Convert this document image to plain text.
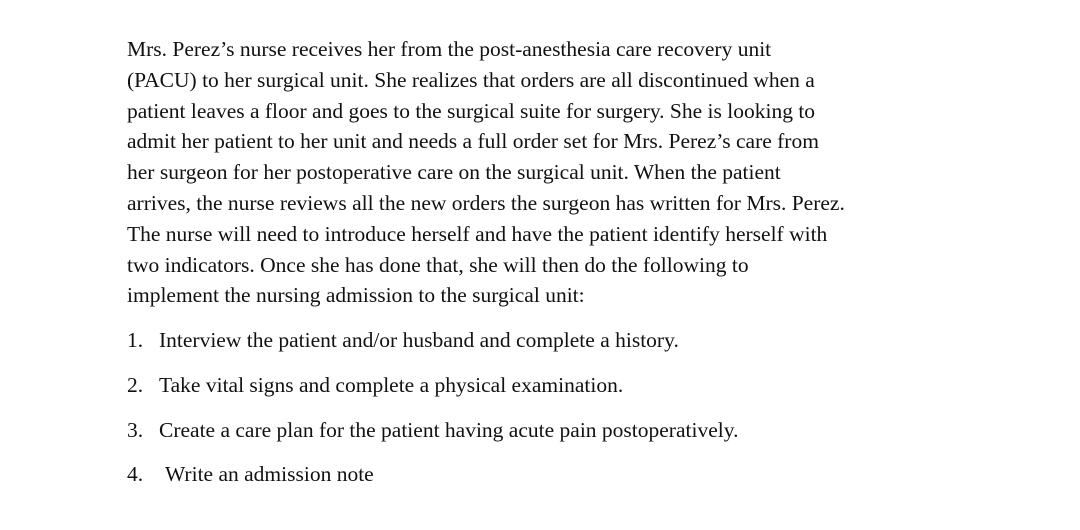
Mrs. Perez’s nurse receives her from the post-anesthesia care recovery unit
(PACU) to her surgical unit. She realizes that orders are all discontinued when a
patient leaves a floor and goes to the surgical suite for surgery. She is looking to
admit her patient to her unit and needs a full order set for Mrs. Perez’s care from
her surgeon for her postoperative care on the surgical unit. When the patient
arrives, the nurse reviews all the new orders the surgeon has written for Mrs. Perez.
The nurse will need to introduce herself and have the patient identify herself with
two indicators. Once she has done that, she will then do the following to
implement the nursing admission to the surgical unit:
1. Interview the patient and/or husband and complete a history.
2. Take vital signs and complete a physical examination.
3. Create a care plan for the patient having acute pain postoperatively.
4.	Write an admission note
